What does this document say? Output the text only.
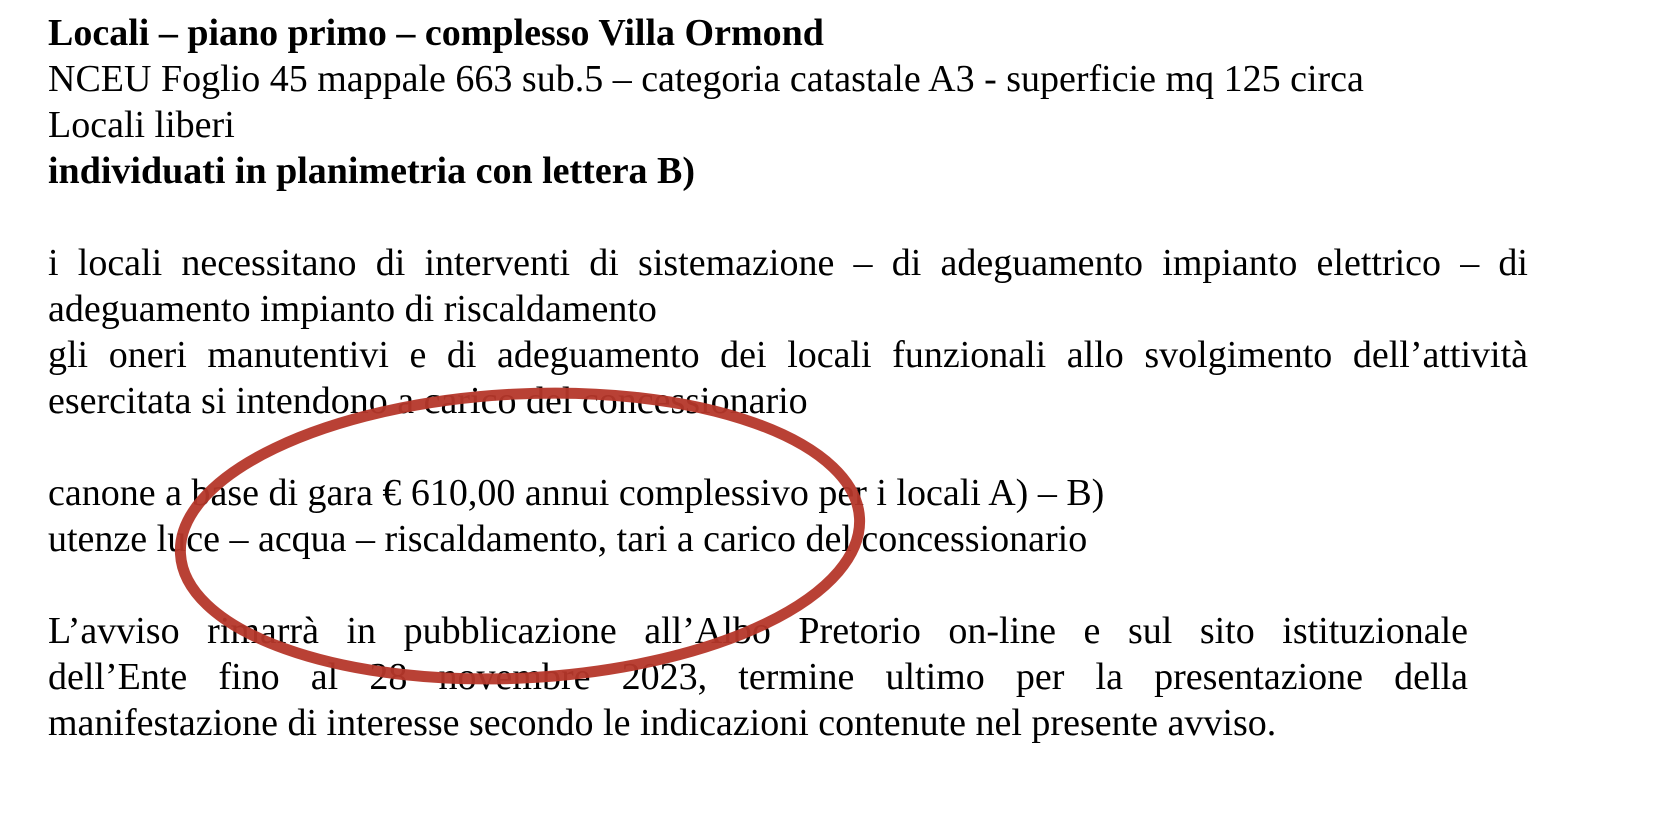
Locali – piano primo – complesso Villa Ormond
NCEU Foglio 45 mappale 663 sub.5 – categoria catastale A3 - superficie mq 125 circa
Locali liberi
individuati in planimetria con lettera B)
i locali necessitano di interventi di sistemazione – di adeguamento impianto elettrico – di
adeguamento impianto di riscaldamento
gli oneri manutentivi e di adeguamento dei locali funzionali allo svolgimento dell’attività
esercitata si intendono a carico del concessionario
canone a base di gara € 610,00 annui complessivo per i locali A) – B)
utenze luce – acqua – riscaldamento, tari a carico del concessionario
L’avviso rimarrà in pubblicazione all’Albo Pretorio on-line e sul sito istituzionale
dell’Ente fino al 28 novembre 2023, termine ultimo per la presentazione della
manifestazione di interesse secondo le indicazioni contenute nel presente avviso.
